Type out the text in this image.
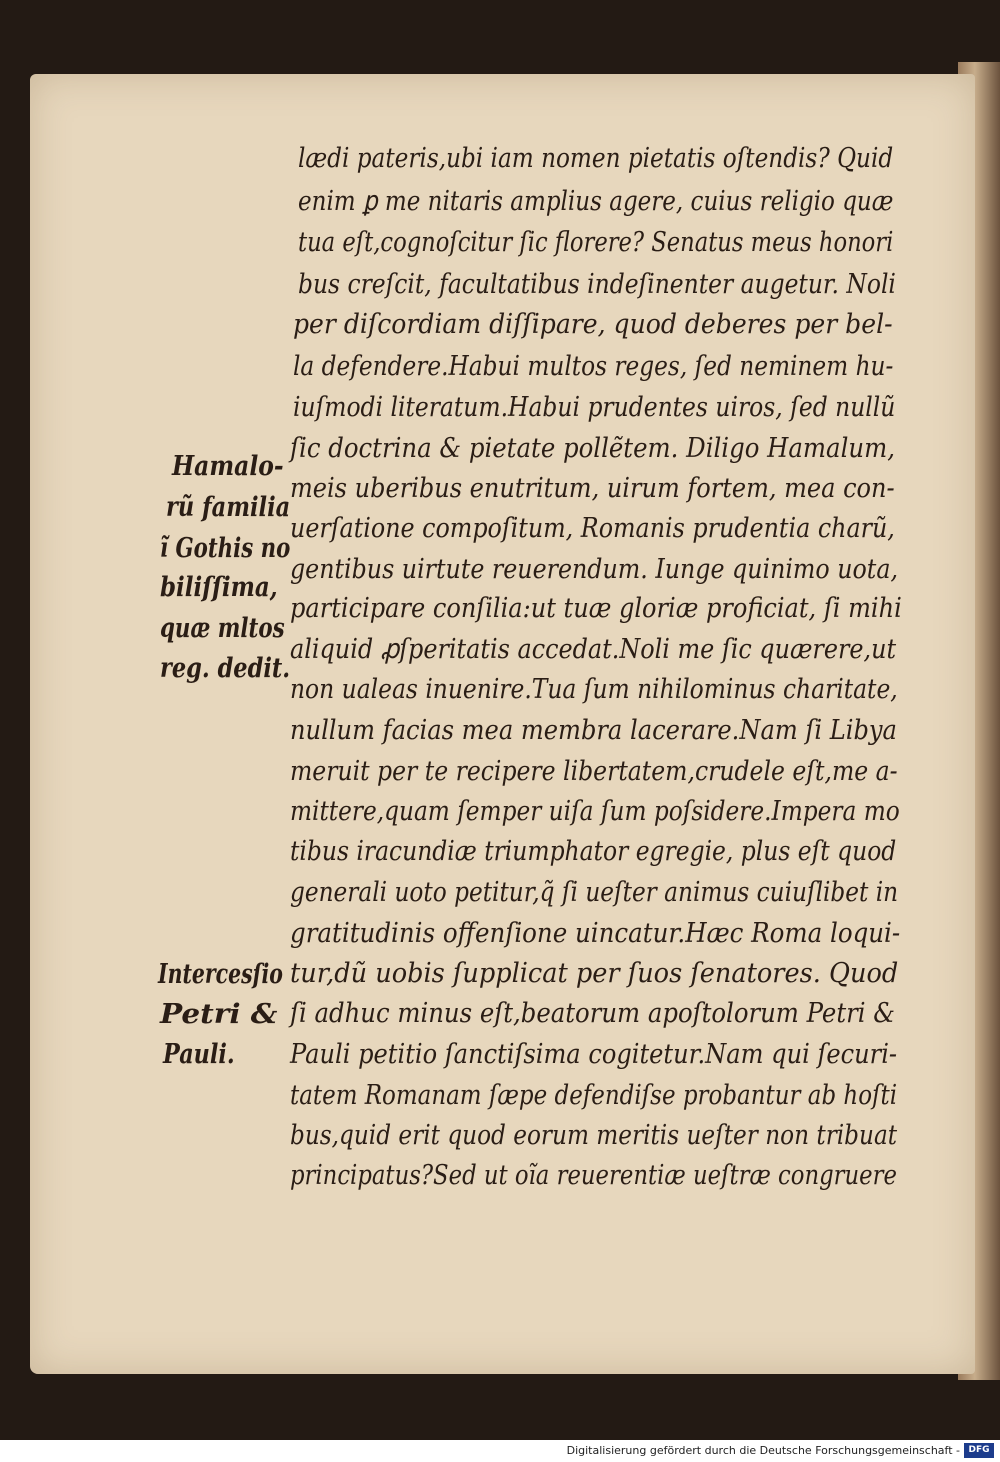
lædi pateris,ubi iam nomen pietatis oſtendis? Quid
enim ꝑ me nitaris amplius agere, cuius religio quæ
tua eſt,cognoſcitur ſic florere? Senatus meus honori
bus creſcit, facultatibus indeſinenter augetur. Noli
per diſcordiam diſſipare, quod deberes per bel-
la defendere.Habui multos reges, ſed neminem hu-
iuſmodi literatum.Habui prudentes uiros, ſed nullũ
ſic doctrina & pietate pollẽtem. Diligo Hamalum,
meis uberibus enutritum, uirum fortem, mea con-
uerſatione compoſitum, Romanis prudentia charũ,
gentibus uirtute reuerendum. Iunge quinimo uota,
participare conſilia:ut tuæ gloriæ proficiat, ſi mihi
aliquid ꝓſperitatis accedat.Noli me ſic quærere,ut
non ualeas inuenire.Tua ſum nihilominus charitate,
nullum facias mea membra lacerare.Nam ſi Libya
meruit per te recipere libertatem,crudele eſt,me a-
mittere,quam ſemper uiſa ſum poſsidere.Impera mo
tibus iracundiæ triumphator egregie, plus eſt quod
generali uoto petitur,q̃ ſi ueſter animus cuiuſlibet in
gratitudinis offenſione uincatur.Hæc Roma loqui-
tur,dũ uobis ſupplicat per ſuos ſenatores. Quod
ſi adhuc minus eſt,beatorum apoſtolorum Petri &
Pauli petitio ſanctiſsima cogitetur.Nam qui ſecuri-
tatem Romanam ſæpe defendiſse probantur ab hoſti
bus,quid erit quod eorum meritis ueſter non tribuat
principatus?Sed ut oĩa reuerentiæ ueſtræ congruere
Hamalo-
rũ familia
ĩ Gothis no
biliſſima,
quæ mltos
reg. dedit.
Intercesſio
Petri &
Pauli.
Digitalisierung gefördert durch die Deutsche Forschungsgemeinschaft - DFG
